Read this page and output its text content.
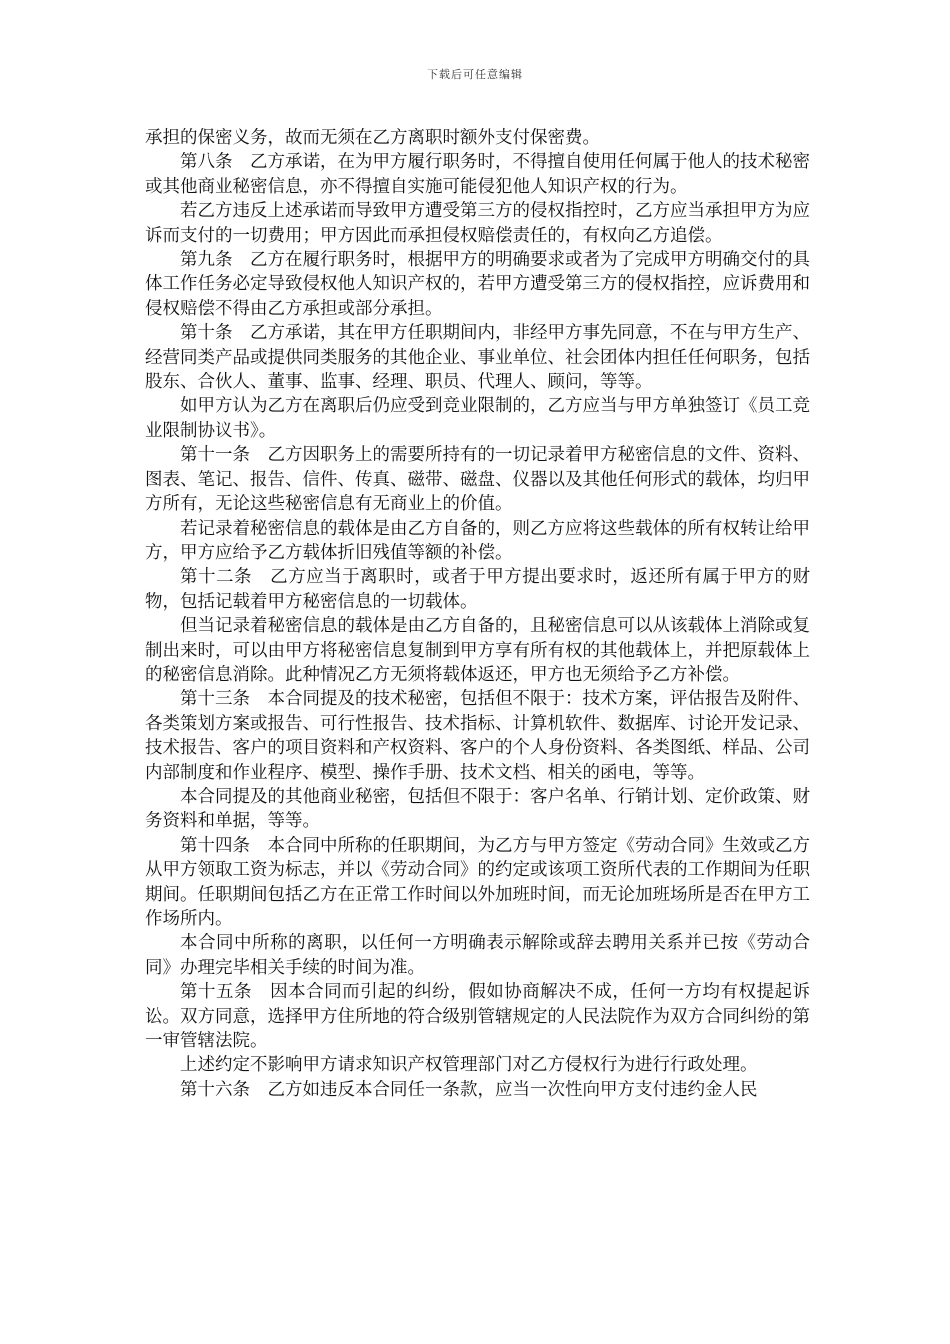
下载后可任意编辑

承担的保密义务，故而无须在乙方离职时额外支付保密费。

第八条　乙方承诺，在为甲方履行职务时，不得擅自使用任何属于他人的技术秘密或其他商业秘密信息，亦不得擅自实施可能侵犯他人知识产权的行为。

若乙方违反上述承诺而导致甲方遭受第三方的侵权指控时，乙方应当承担甲方为应诉而支付的一切费用；甲方因此而承担侵权赔偿责任的，有权向乙方追偿。

第九条　乙方在履行职务时，根据甲方的明确要求或者为了完成甲方明确交付的具体工作任务必定导致侵权他人知识产权的，若甲方遭受第三方的侵权指控，应诉费用和侵权赔偿不得由乙方承担或部分承担。

第十条　乙方承诺，其在甲方任职期间内，非经甲方事先同意，不在与甲方生产、经营同类产品或提供同类服务的其他企业、事业单位、社会团体内担任任何职务，包括股东、合伙人、董事、监事、经理、职员、代理人、顾问，等等。

如甲方认为乙方在离职后仍应受到竞业限制的，乙方应当与甲方单独签订《员工竞业限制协议书》。

第十一条　乙方因职务上的需要所持有的一切记录着甲方秘密信息的文件、资料、图表、笔记、报告、信件、传真、磁带、磁盘、仪器以及其他任何形式的载体，均归甲方所有，无论这些秘密信息有无商业上的价值。

若记录着秘密信息的载体是由乙方自备的，则乙方应将这些载体的所有权转让给甲方，甲方应给予乙方载体折旧残值等额的补偿。

第十二条　乙方应当于离职时，或者于甲方提出要求时，返还所有属于甲方的财物，包括记载着甲方秘密信息的一切载体。

但当记录着秘密信息的载体是由乙方自备的，且秘密信息可以从该载体上消除或复制出来时，可以由甲方将秘密信息复制到甲方享有所有权的其他载体上，并把原载体上的秘密信息消除。此种情况乙方无须将载体返还，甲方也无须给予乙方补偿。

第十三条　本合同提及的技术秘密，包括但不限于：技术方案，评估报告及附件、各类策划方案或报告、可行性报告、技术指标、计算机软件、数据库、讨论开发记录、技术报告、客户的项目资料和产权资料、客户的个人身份资料、各类图纸、样品、公司内部制度和作业程序、模型、操作手册、技术文档、相关的函电，等等。

本合同提及的其他商业秘密，包括但不限于：客户名单、行销计划、定价政策、财务资料和单据，等等。

第十四条　本合同中所称的任职期间，为乙方与甲方签定《劳动合同》生效或乙方从甲方领取工资为标志，并以《劳动合同》的约定或该项工资所代表的工作期间为任职期间。任职期间包括乙方在正常工作时间以外加班时间，而无论加班场所是否在甲方工作场所内。

本合同中所称的离职，以任何一方明确表示解除或辞去聘用关系并已按《劳动合同》办理完毕相关手续的时间为准。

第十五条　因本合同而引起的纠纷，假如协商解决不成，任何一方均有权提起诉讼。双方同意，选择甲方住所地的符合级别管辖规定的人民法院作为双方合同纠纷的第一审管辖法院。

上述约定不影响甲方请求知识产权管理部门对乙方侵权行为进行行政处理。

第十六条　乙方如违反本合同任一条款，应当一次性向甲方支付违约金人民
